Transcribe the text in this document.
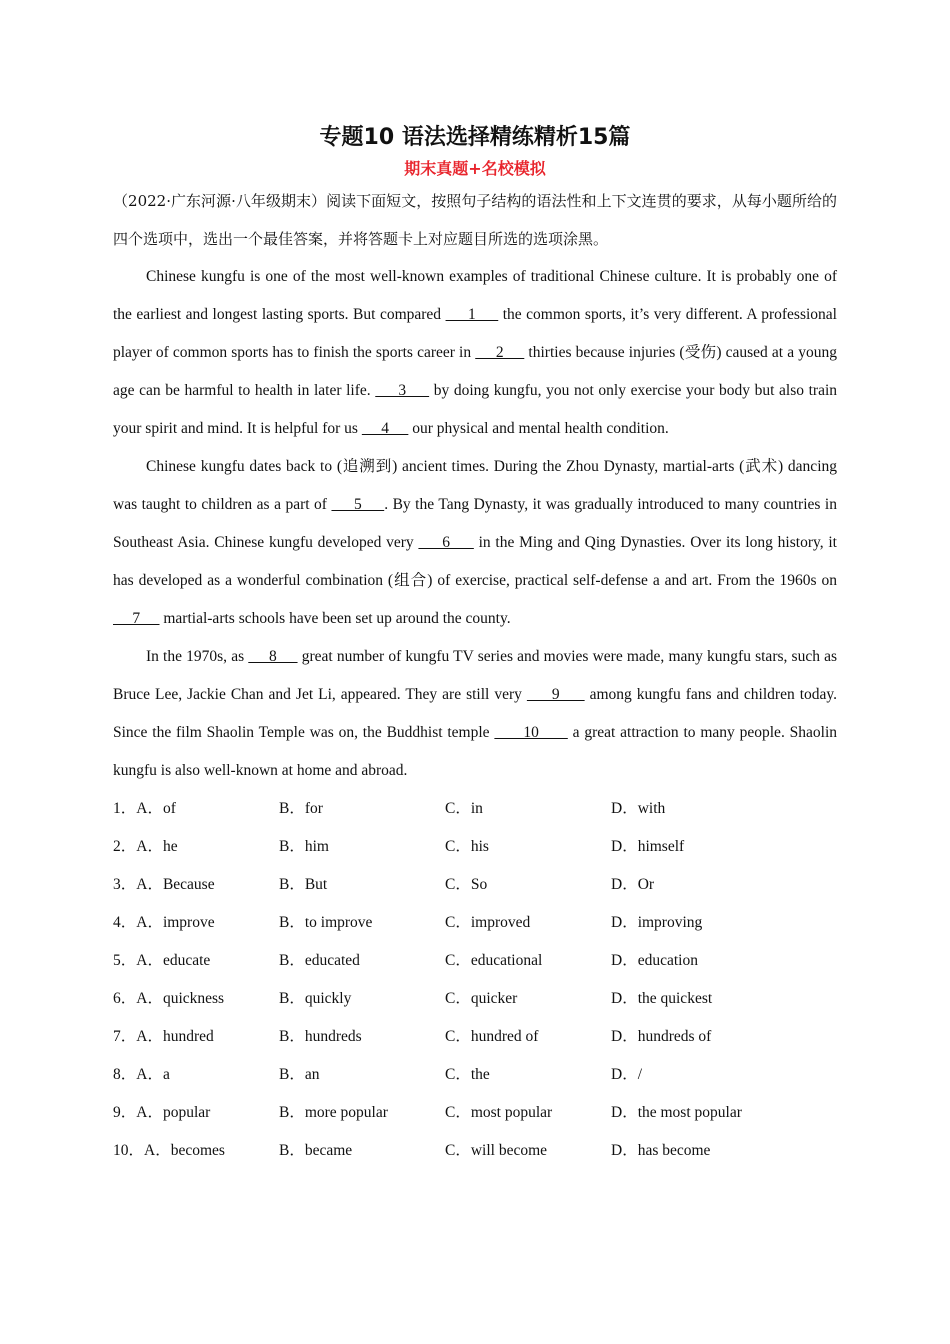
专题10 语法选择精练精析15篇

期末真题+名校模拟

（2022·广东河源·八年级期末）阅读下面短文，按照句子结构的语法性和上下文连贯的要求，从每小题所给的四个选项中，选出一个最佳答案，并将答题卡上对应题目所选的选项涂黑。

Chinese kungfu is one of the most well-known examples of traditional Chinese culture. It is probably one of the earliest and longest lasting sports. But compared      1      the common sports, it’s very different. A professional player of common sports has to finish the sports career in      2      thirties because injuries (受伤) caused at a young age can be harmful to health in later life.      3      by doing kungfu, you not only exercise your body but also train your spirit and mind. It is helpful for us      4      our physical and mental health condition.

Chinese kungfu dates back to (追溯到) ancient times. During the Zhou Dynasty, martial-arts (武术) dancing was taught to children as a part of      5     . By the Tang Dynasty, it was gradually introduced to many countries in Southeast Asia. Chinese kungfu developed very      6      in the Ming and Qing Dynasties. Over its long history, it has developed as a wonderful combination (组合) of exercise, practical self-defense a and art. From the 1960s on      7      martial-arts schools have been set up around the county.

In the 1970s, as      8      great number of kungfu TV series and movies were made, many kungfu stars, such as Bruce Lee, Jackie Chan and Jet Li, appeared. They are still very      9      among kungfu fans and children today. Since the film Shaolin Temple was on, the Buddhist temple       10       a great attraction to many people. Shaolin kungfu is also well-known at home and abroad.

1．A．of	B．for	C．in	D．with
2．A．he	B．him	C．his	D．himself
3．A．Because	B．But	C．So	D．Or
4．A．improve	B．to improve	C．improved	D．improving
5．A．educate	B．educated	C．educational	D．education
6．A．quickness	B．quickly	C．quicker	D．the quickest
7．A．hundred	B．hundreds	C．hundred of	D．hundreds of
8．A．a	B．an	C．the	D．/
9．A．popular	B．more popular	C．most popular	D．the most popular
10．A．becomes	B．became	C．will become	D．has become
